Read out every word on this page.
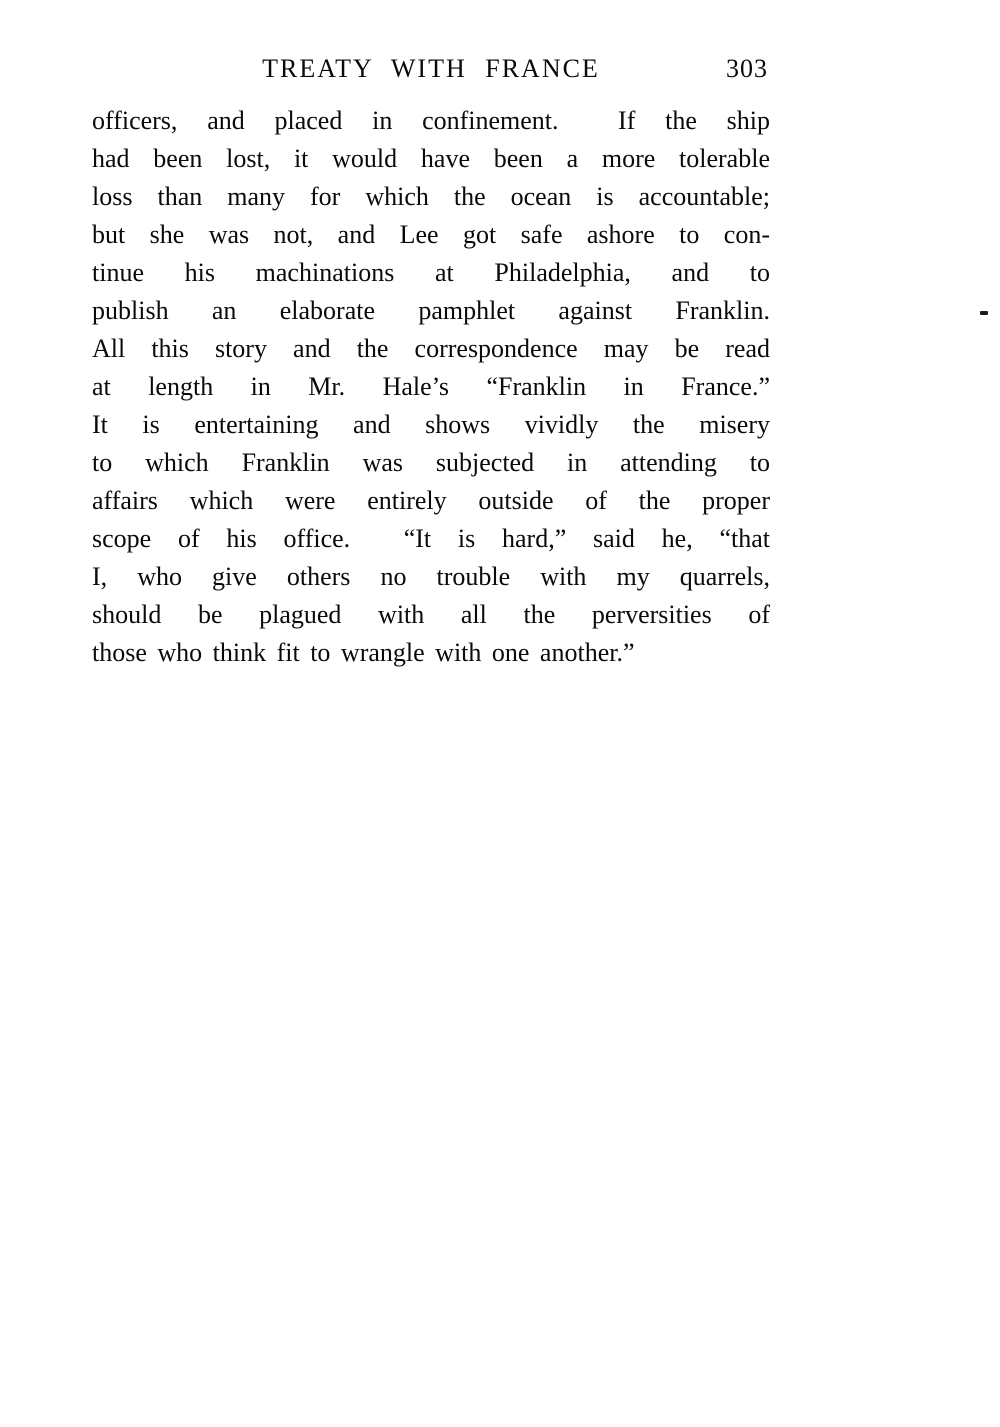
TREATY WITH FRANCE	303
officers, and placed in confinement.  If the ship
had been lost, it would have been a more tolerable
loss than many for which the ocean is accountable;
but she was not, and Lee got safe ashore to con-
tinue his machinations at Philadelphia, and to
publish an elaborate pamphlet against Franklin.
All this story and the correspondence may be read
at length in Mr. Hale’s “Franklin in France.”
It is entertaining and shows vividly the misery
to which Franklin was subjected in attending to
affairs which were entirely outside of the proper
scope of his office.  “It is hard,” said he, “that
I, who give others no trouble with my quarrels,
should be plagued with all the perversities of
those who think fit to wrangle with one another.”
